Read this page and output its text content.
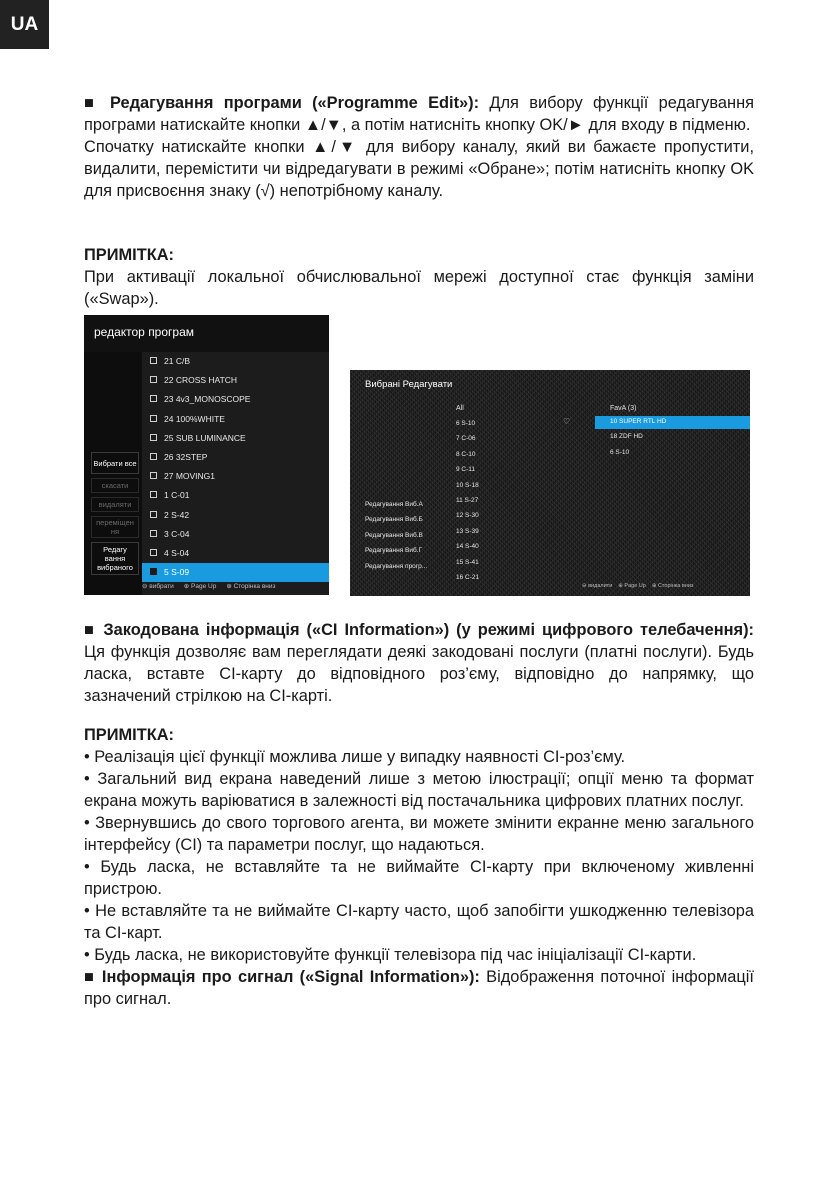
UA

■ Редагування програми («Programme Edit»): Для вибору функції редагування програми натискайте кнопки ▲/▼, а потім натисніть кнопку OK/► для входу в підменю.

Спочатку натискайте кнопки ▲/▼ для вибору каналу, який ви бажаєте пропустити, видалити, перемістити чи відредагувати в режимі «Обране»; потім натисніть кнопку OK для присвоєння знаку (√) непотрібному каналу.

ПРИМІТКА:

При активації локальної обчислювальної мережі доступної стає функція заміни («Swap»).

редактор програм
Вибрати все
скасати
видаляти
переміщен ня
Редагу вання вибраного
21 C/B
22 CROSS HATCH
23 4v3_MONOSCOPE
24 100%WHITE
25 SUB LUMINANCE
26 32STEP
27 MOVING1
1 C-01
2 S-42
3 C-04
4 S-04
5 S-09
⊖ вибрати ⊕ Page Up ⊕ Сторінка вниз
Вибрані Редагувати
All	FavA (3)
♡	10 SUPER RTL HD
⊖ видалити ⊕ Page Up ⊕ Сторінка вниз
6 S-10
7 C-06
8 C-10
9 C-11
10 S-18
11 S-27
12 S-30
13 S-39
14 S-40
15 S-41
16 C-21
18 ZDF HD
6 S-10
Редагування Виб.А
Редагування Виб.Б
Редагування Виб.В
Редагування Виб.Г
Редагування прогр...

■ Закодована інформація («CI Information») (у режимі цифрового телебачення): Ця функція дозволяє вам переглядати деякі закодовані послуги (платні послуги). Будь ласка, вставте CI-карту до відповідного роз’єму, відповідно до напрямку, що зазначений стрілкою на CI-карті.

ПРИМІТКА:

• Реалізація цієї функції можлива лише у випадку наявності CI-роз’єму.

• Загальний вид екрана наведений лише з метою ілюстрації; опції меню та формат екрана можуть варіюватися в залежності від постачальника цифрових платних послуг.

• Звернувшись до свого торгового агента, ви можете змінити екранне меню загального інтерфейсу (CI) та параметри послуг, що надаються.

• Будь ласка, не вставляйте та не виймайте CI-карту при включеному живленні пристрою.

• Не вставляйте та не виймайте CI-карту часто, щоб запобігти ушкодженню телевізора та CI-карт.

• Будь ласка, не використовуйте функції телевізора під час ініціалізації CI-карти.

■ Інформація про сигнал («Signal Information»): Відображення поточної інформації про сигнал.
